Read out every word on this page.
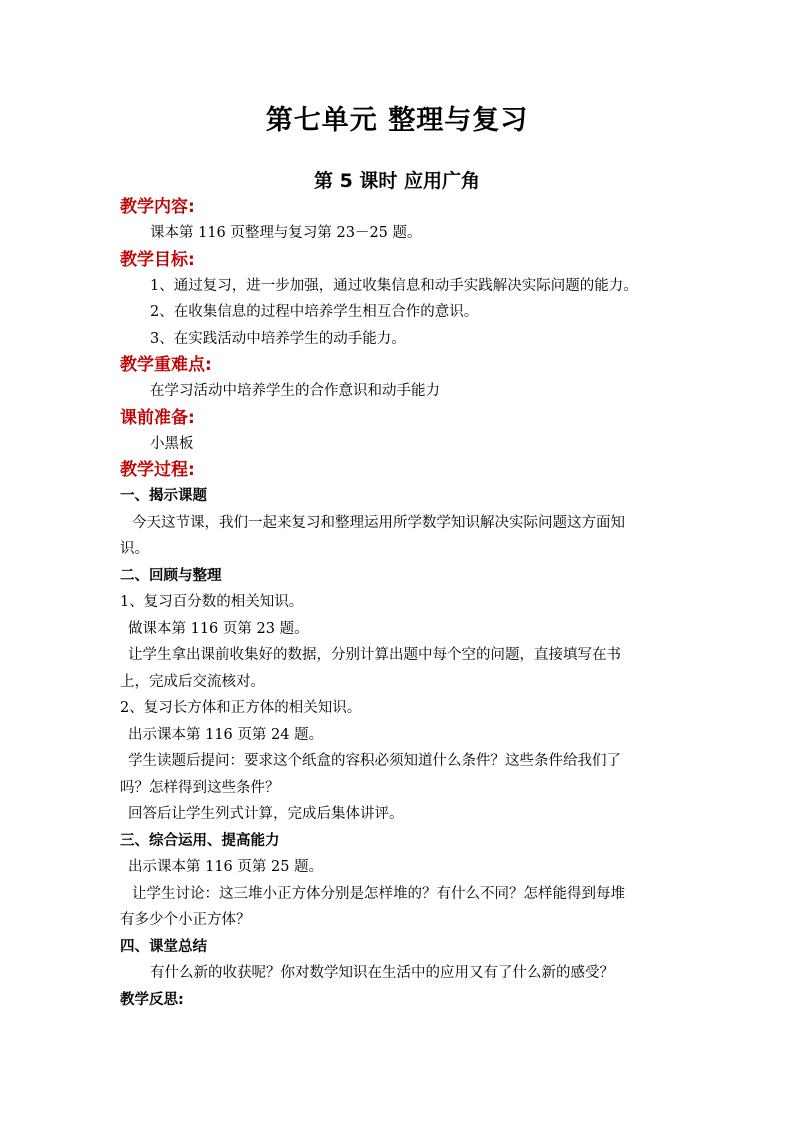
第七单元 整理与复习
第 5 课时 应用广角

教学内容:

课本第 116 页整理与复习第 23－25 题。

教学目标:

1、通过复习，进一步加强，通过收集信息和动手实践解决实际问题的能力。

2、在收集信息的过程中培养学生相互合作的意识。

3、在实践活动中培养学生的动手能力。

教学重难点:

在学习活动中培养学生的合作意识和动手能力

课前准备:

小黑板

教学过程:

一、揭示课题

今天这节课，我们一起来复习和整理运用所学数学知识解决实际问题这方面知

识。

二、回顾与整理

1、复习百分数的相关知识。

做课本第 116 页第 23 题。

让学生拿出课前收集好的数据，分别计算出题中每个空的问题，直接填写在书

上，完成后交流核对。

2、复习长方体和正方体的相关知识。

出示课本第 116 页第 24 题。

学生读题后提问：要求这个纸盒的容积必须知道什么条件？这些条件给我们了

吗？怎样得到这些条件？

回答后让学生列式计算，完成后集体讲评。

三、综合运用、提高能力

出示课本第 116 页第 25 题。

让学生讨论：这三堆小正方体分别是怎样堆的？有什么不同？怎样能得到每堆

有多少个小正方体？

四、课堂总结

有什么新的收获呢？你对数学知识在生活中的应用又有了什么新的感受？

教学反思:
